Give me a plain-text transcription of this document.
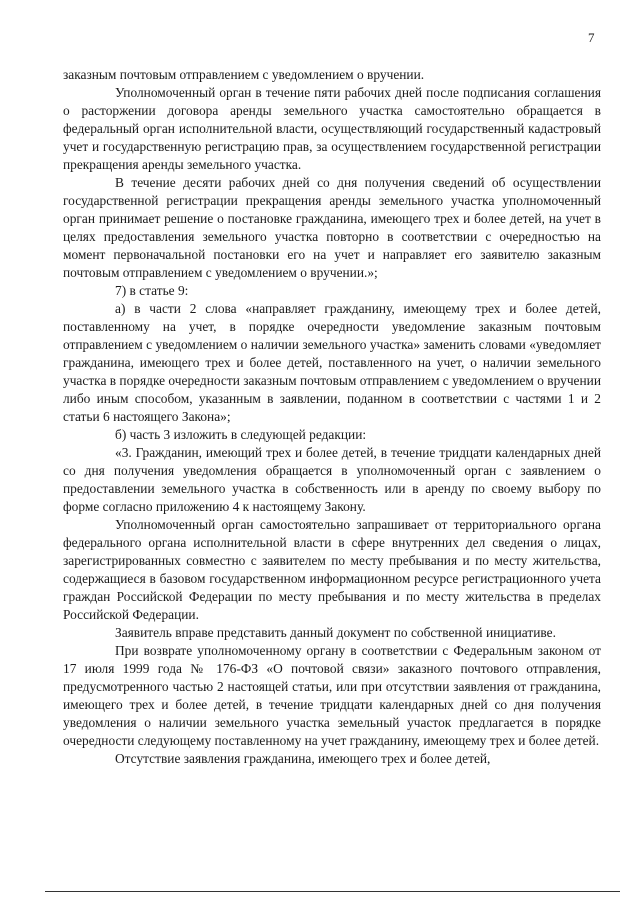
7

заказным почтовым отправлением с уведомлением о вручении.

Уполномоченный орган в течение пяти рабочих дней после подписания соглашения о расторжении договора аренды земельного участка самостоятельно обращается в федеральный орган исполнительной власти, осуществляющий государственный кадастровый учет и государственную регистрацию прав, за осуществлением государственной регистрации прекращения аренды земельного участка.

В течение десяти рабочих дней со дня получения сведений об осуществлении государственной регистрации прекращения аренды земельного участка уполномоченный орган принимает решение о постановке гражданина, имеющего трех и более детей, на учет в целях предоставления земельного участка повторно в соответствии с очередностью на момент первоначальной постановки его на учет и направляет его заявителю заказным почтовым отправлением с уведомлением о вручении.»;

7) в статье 9:

а) в части 2 слова «направляет гражданину, имеющему трех и более детей, поставленному на учет, в порядке очередности уведомление заказным почтовым отправлением с уведомлением о наличии земельного участка» заменить словами «уведомляет гражданина, имеющего трех и более детей, поставленного на учет, о наличии земельного участка в порядке очередности заказным почтовым отправлением с уведомлением о вручении либо иным способом, указанным в заявлении, поданном в соответствии с частями 1 и 2 статьи 6 настоящего Закона»;

б) часть 3 изложить в следующей редакции:

«3. Гражданин, имеющий трех и более детей, в течение тридцати календарных дней со дня получения уведомления обращается в уполномоченный орган с заявлением о предоставлении земельного участка в собственность или в аренду по своему выбору по форме согласно приложению 4 к настоящему Закону.

Уполномоченный орган самостоятельно запрашивает от территориального органа федерального органа исполнительной власти в сфере внутренних дел сведения о лицах, зарегистрированных совместно с заявителем по месту пребывания и по месту жительства, содержащиеся в базовом государственном информационном ресурсе регистрационного учета граждан Российской Федерации по месту пребывания и по месту жительства в пределах Российской Федерации.

Заявитель вправе представить данный документ по собственной инициативе.

При возврате уполномоченному органу в соответствии с Федеральным законом от 17 июля 1999 года № 176-ФЗ «О почтовой связи» заказного почтового отправления, предусмотренного частью 2 настоящей статьи, или при отсутствии заявления от гражданина, имеющего трех и более детей, в течение тридцати календарных дней со дня получения уведомления о наличии земельного участка земельный участок предлагается в порядке очередности следующему поставленному на учет гражданину, имеющему трех и более детей.

Отсутствие заявления гражданина, имеющего трех и более детей,
